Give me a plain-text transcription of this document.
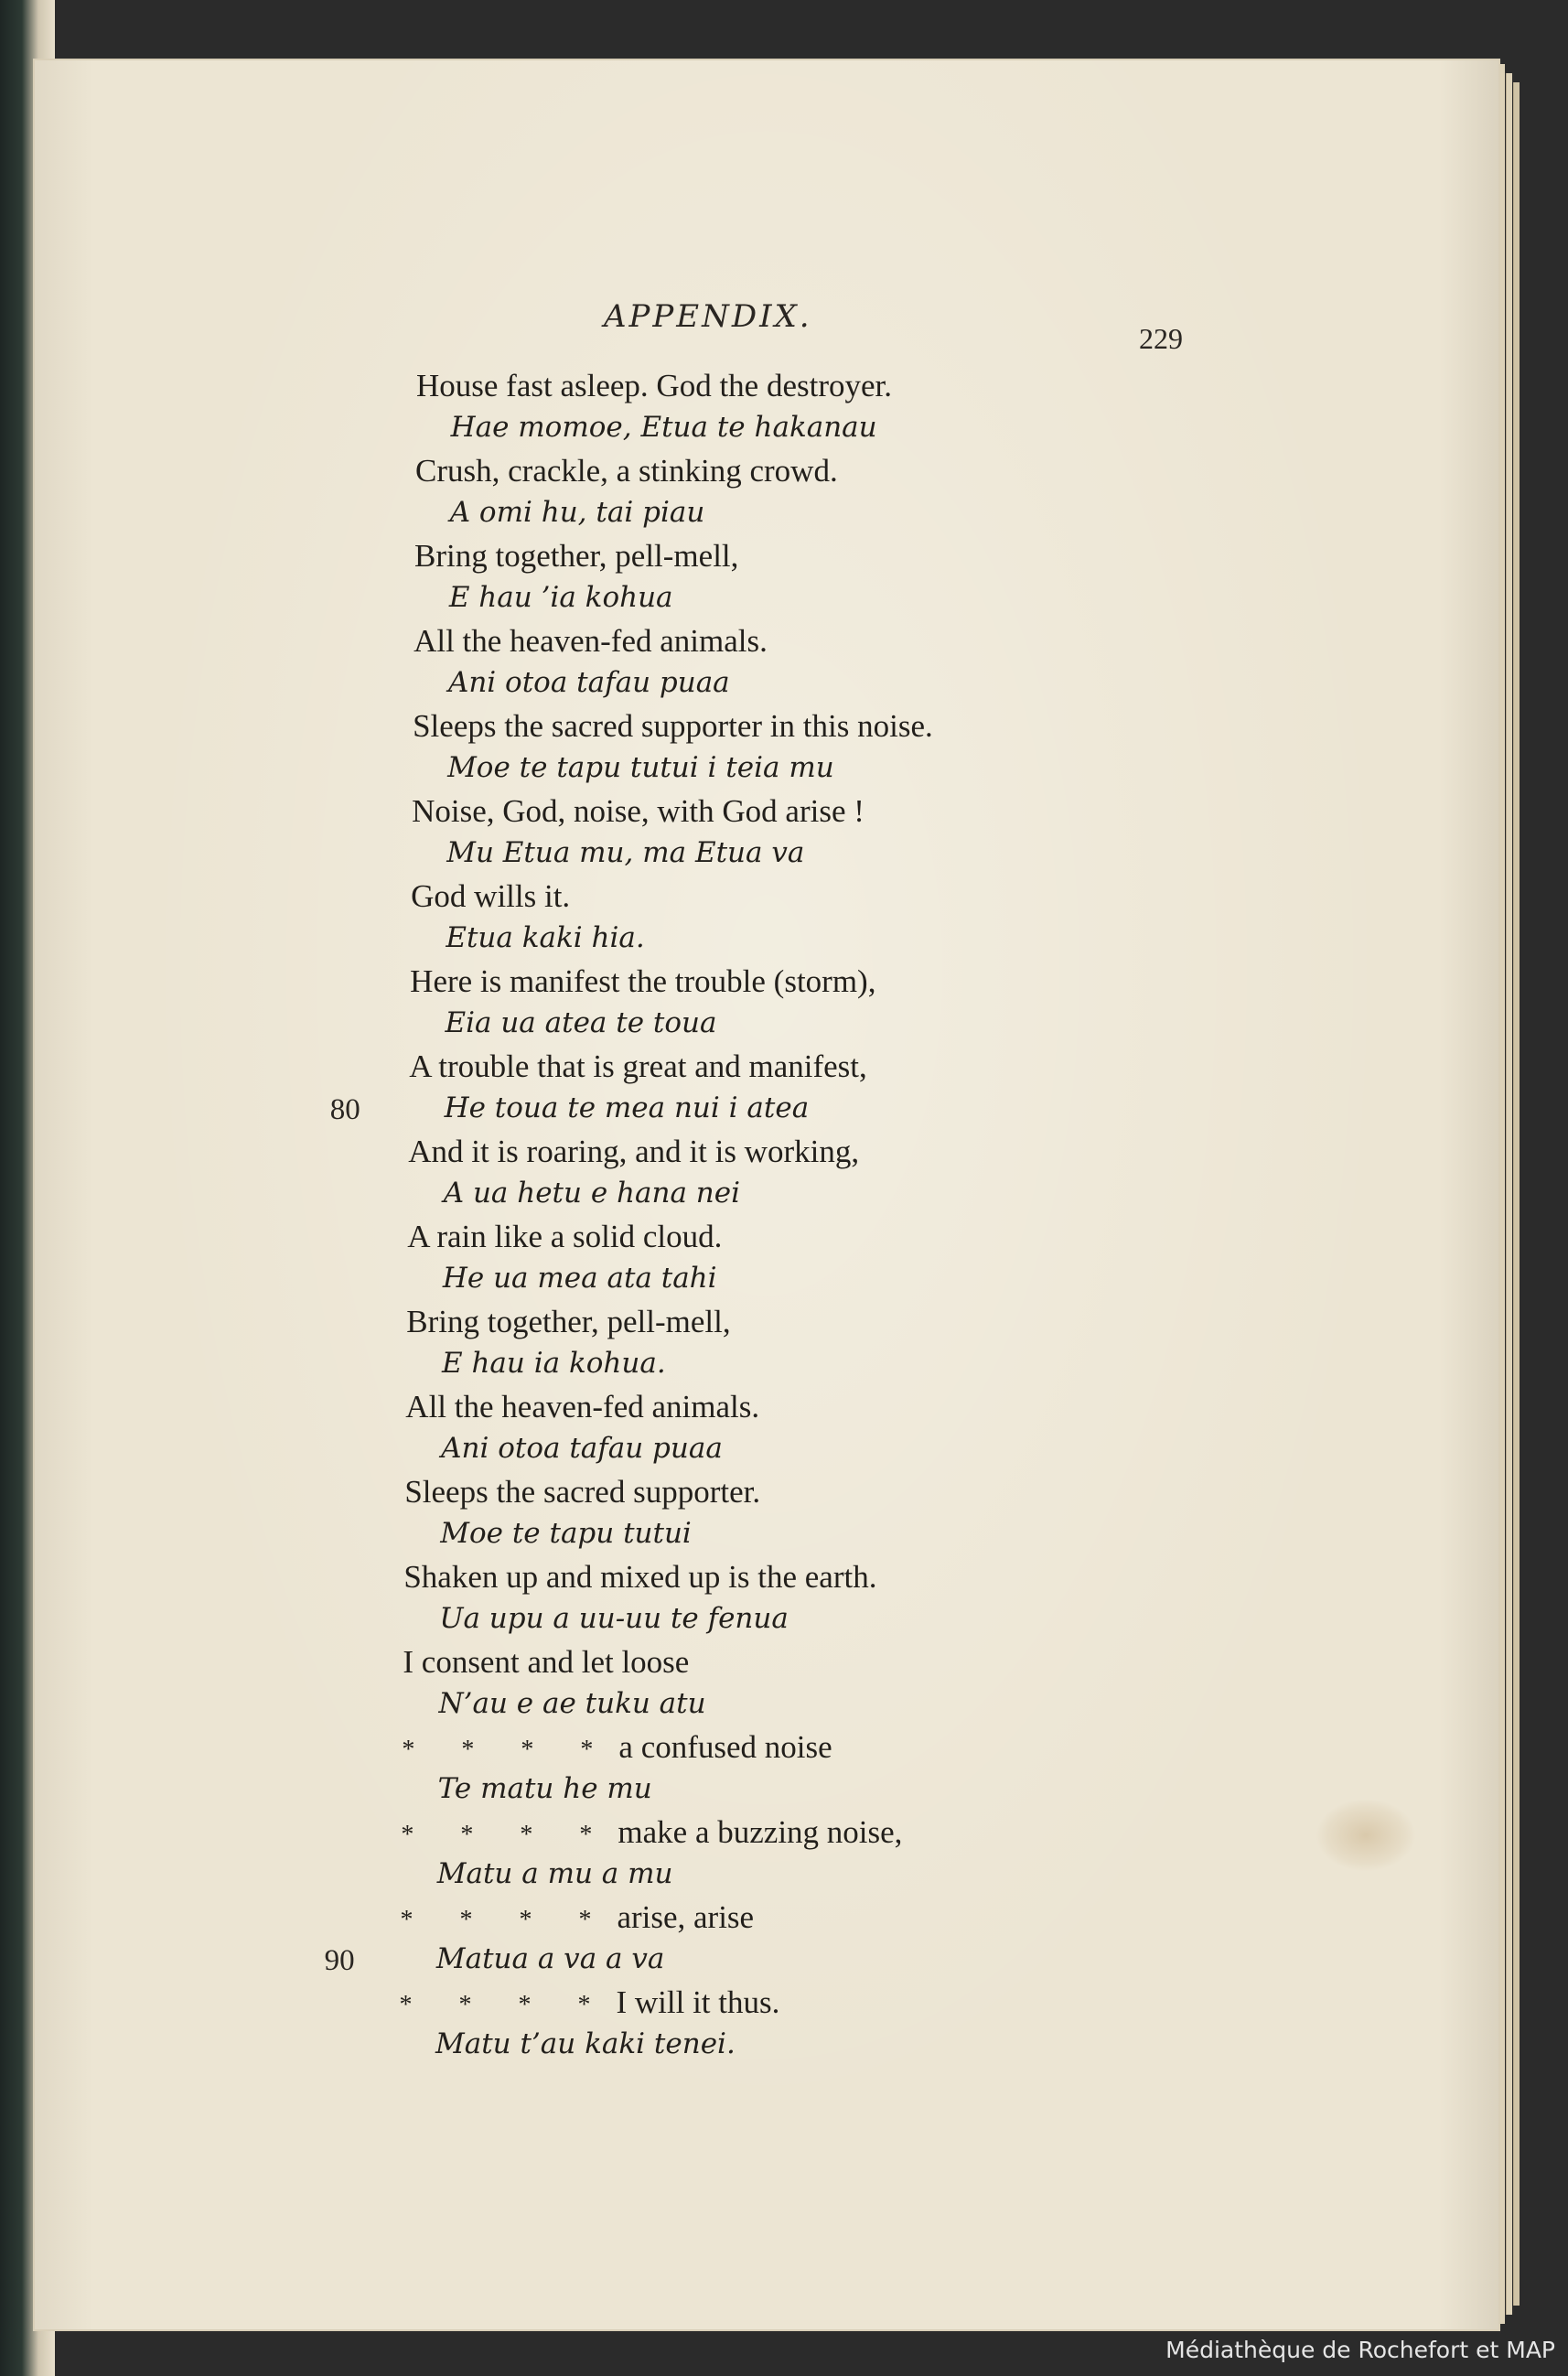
APPENDIX.
229
House fast asleep. God the destroyer.
Hae momoe, Etua te hakanau
Crush, crackle, a stinking crowd.
A omi hu, tai piau
Bring together, pell-mell,
E hau ’ia kohua
All the heaven-fed animals.
Ani otoa tafau puaa
Sleeps the sacred supporter in this noise.
Moe te tapu tutui i teia mu
Noise, God, noise, with God arise !
Mu Etua mu, ma Etua va
God wills it.
Etua kaki hia.
Here is manifest the trouble (storm),
Eia ua atea te toua
A trouble that is great and manifest,
He toua te mea nui i atea
80
And it is roaring, and it is working,
A ua hetu e hana nei
A rain like a solid cloud.
He ua mea ata tahi
Bring together, pell-mell,
E hau ia kohua.
All the heaven-fed animals.
Ani otoa tafau puaa
Sleeps the sacred supporter.
Moe te tapu tutui
Shaken up and mixed up is the earth.
Ua upu a uu-uu te fenua
I consent and let loose
N’au e ae tuku atu
* * * * a confused noise
Te matu he mu
* * * * make a buzzing noise,
Matu a mu a mu
* * * * arise, arise
Matua a va a va
90
* * * * I will it thus.
Matu t’au kaki tenei.
Médiathèque de Rochefort et MAP
